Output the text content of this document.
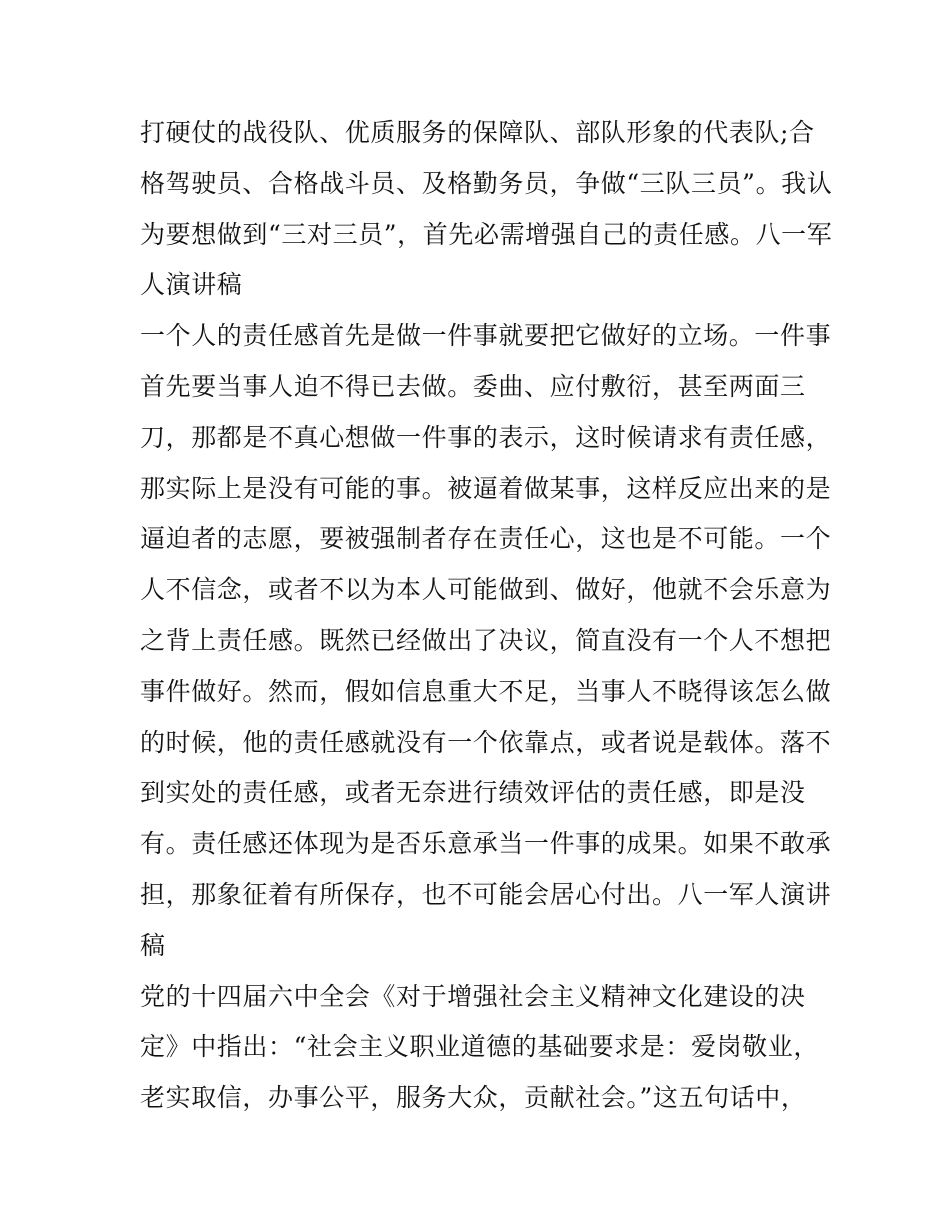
打硬仗的战役队、优质服务的保障队、部队形象的代表队;合
格驾驶员、合格战斗员、及格勤务员，争做“三队三员”。我认
为要想做到“三对三员”，首先必需增强自己的责任感。八一军
人演讲稿
一个人的责任感首先是做一件事就要把它做好的立场。一件事
首先要当事人迫不得已去做。委曲、应付敷衍，甚至两面三
刀，那都是不真心想做一件事的表示，这时候请求有责任感，
那实际上是没有可能的事。被逼着做某事，这样反应出来的是
逼迫者的志愿，要被强制者存在责任心，这也是不可能。一个
人不信念，或者不以为本人可能做到、做好，他就不会乐意为
之背上责任感。既然已经做出了决议，简直没有一个人不想把
事件做好。然而，假如信息重大不足，当事人不晓得该怎么做
的时候，他的责任感就没有一个依靠点，或者说是载体。落不
到实处的责任感，或者无奈进行绩效评估的责任感，即是没
有。责任感还体现为是否乐意承当一件事的成果。如果不敢承
担，那象征着有所保存，也不可能会居心付出。八一军人演讲
稿
党的十四届六中全会《对于增强社会主义精神文化建设的决
定》中指出：“社会主义职业道德的基础要求是：爱岗敬业，
老实取信，办事公平，服务大众，贡献社会。”这五句话中，
